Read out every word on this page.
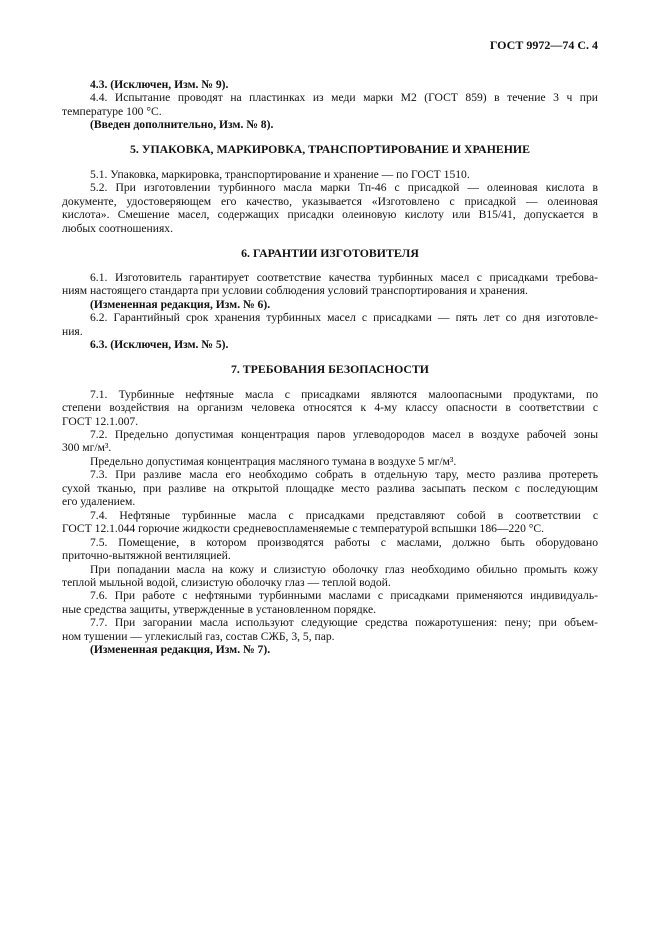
ГОСТ 9972—74 С. 4
4.3. (Исключен, Изм. № 9).
4.4. Испытание проводят на пластинках из меди марки М2 (ГОСТ 859) в течение 3 ч при
температуре 100 °С.
(Введен дополнительно, Изм. № 8).
5. УПАКОВКА, МАРКИРОВКА, ТРАНСПОРТИРОВАНИЕ И ХРАНЕНИЕ
5.1. Упаковка, маркировка, транспортирование и хранение — по ГОСТ 1510.
5.2. При изготовлении турбинного масла марки Тп-46 с присадкой — олеиновая кислота в
документе, удостоверяющем его качество, указывается «Изготовлено с присадкой — олеиновая
кислота». Смешение масел, содержащих присадки олеиновую кислоту или В15/41, допускается в
любых соотношениях.
6. ГАРАНТИИ ИЗГОТОВИТЕЛЯ
6.1. Изготовитель гарантирует соответствие качества турбинных масел с присадками требова-
ниям настоящего стандарта при условии соблюдения условий транспортирования и хранения.
(Измененная редакция, Изм. № 6).
6.2. Гарантийный срок хранения турбинных масел с присадками — пять лет со дня изготовле-
ния.
6.3. (Исключен, Изм. № 5).
7. ТРЕБОВАНИЯ БЕЗОПАСНОСТИ
7.1. Турбинные нефтяные масла с присадками являются малоопасными продуктами, по
степени воздействия на организм человека относятся к 4-му классу опасности в соответствии с
ГОСТ 12.1.007.
7.2. Предельно допустимая концентрация паров углеводородов масел в воздухе рабочей зоны
300 мг/м³.
Предельно допустимая концентрация масляного тумана в воздухе 5 мг/м³.
7.3. При разливе масла его необходимо собрать в отдельную тару, место разлива протереть
сухой тканью, при разливе на открытой площадке место разлива засыпать песком с последующим
его удалением.
7.4. Нефтяные турбинные масла с присадками представляют собой в соответствии с
ГОСТ 12.1.044 горючие жидкости средневоспламеняемые с температурой вспышки 186—220 °С.
7.5. Помещение, в котором производятся работы с маслами, должно быть оборудовано
приточно-вытяжной вентиляцией.
При попадании масла на кожу и слизистую оболочку глаз необходимо обильно промыть кожу
теплой мыльной водой, слизистую оболочку глаз — теплой водой.
7.6. При работе с нефтяными турбинными маслами с присадками применяются индивидуаль-
ные средства защиты, утвержденные в установленном порядке.
7.7. При загорании масла используют следующие средства пожаротушения: пену; при объем-
ном тушении — углекислый газ, состав СЖБ, 3, 5, пар.
(Измененная редакция, Изм. № 7).
